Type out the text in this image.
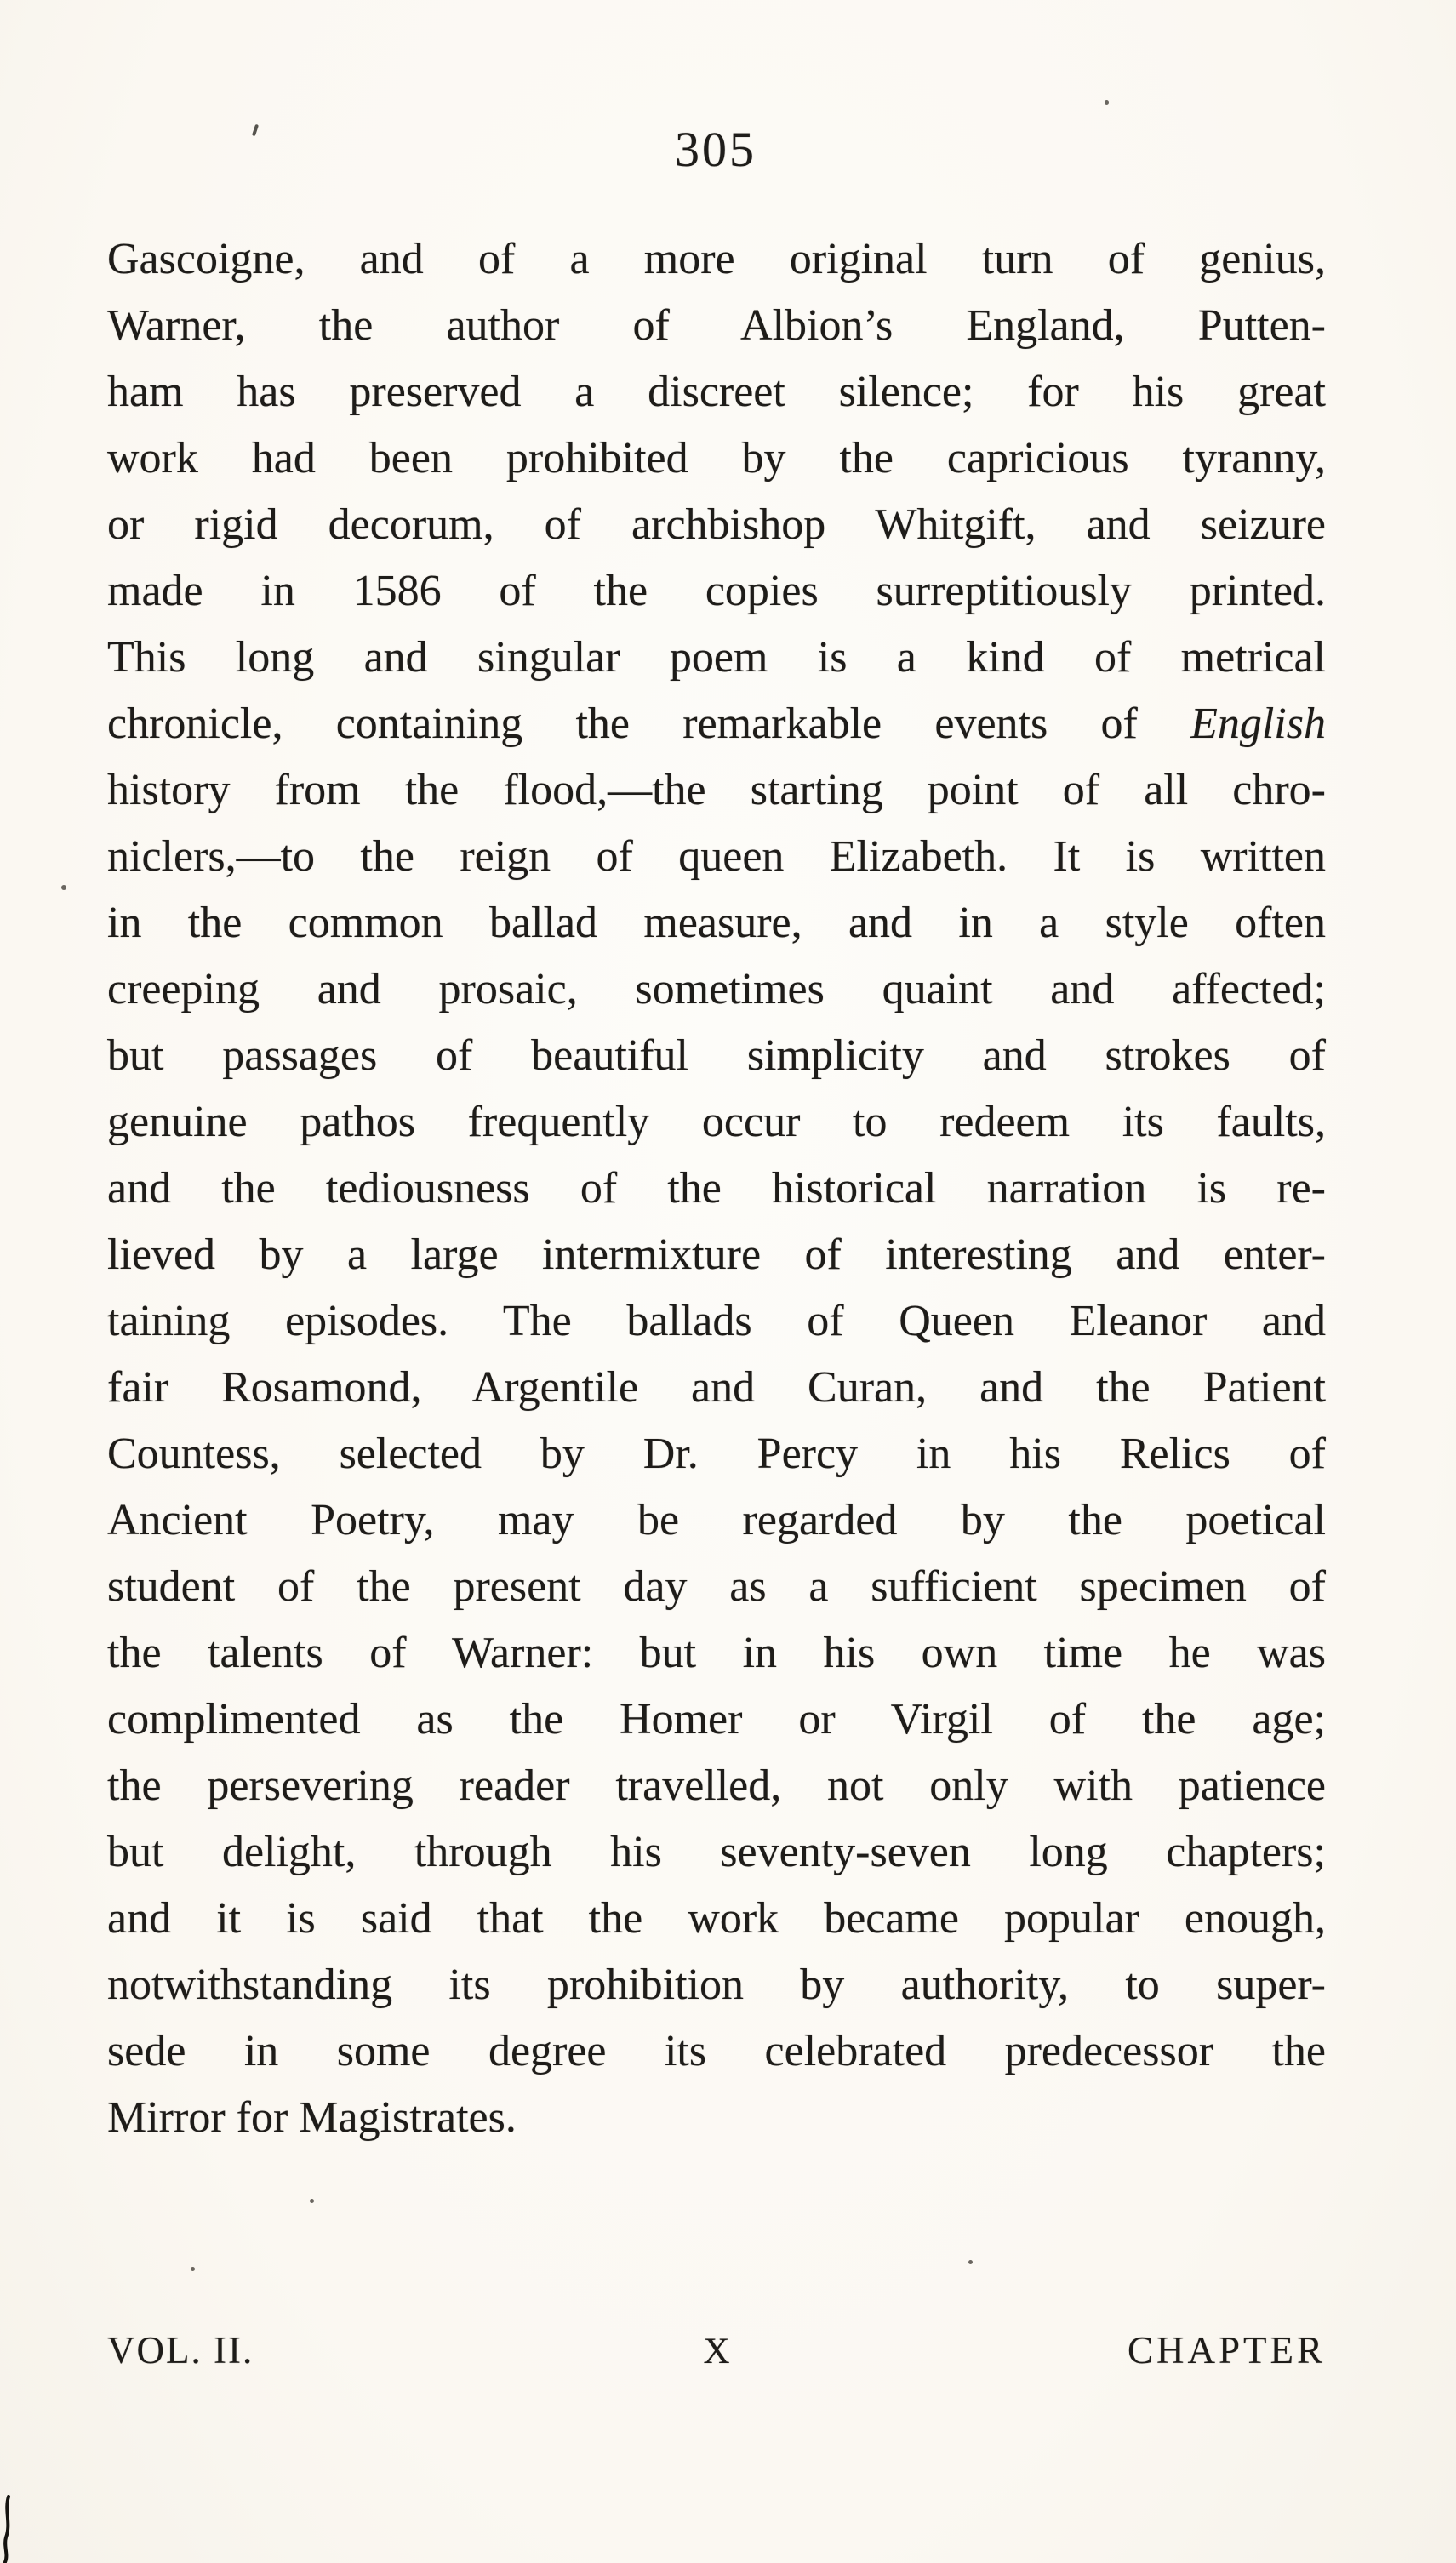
305
Gascoigne, and of a more original turn of genius,
Warner, the author of Albion’s England, Putten-
ham has preserved a discreet silence; for his great
work had been prohibited by the capricious tyranny,
or rigid decorum, of archbishop Whitgift, and seizure
made in 1586 of the copies surreptitiously printed.
This long and singular poem is a kind of metrical
chronicle, containing the remarkable events of English
history from the flood,—the starting point of all chro-
niclers,—to the reign of queen Elizabeth. It is written
in the common ballad measure, and in a style often
creeping and prosaic, sometimes quaint and affected;
but passages of beautiful simplicity and strokes of
genuine pathos frequently occur to redeem its faults,
and the tediousness of the historical narration is re-
lieved by a large intermixture of interesting and enter-
taining episodes. The ballads of Queen Eleanor and
fair Rosamond, Argentile and Curan, and the Patient
Countess, selected by Dr. Percy in his Relics of
Ancient Poetry, may be regarded by the poetical
student of the present day as a sufficient specimen of
the talents of Warner: but in his own time he was
complimented as the Homer or Virgil of the age;
the persevering reader travelled, not only with patience
but delight, through his seventy-seven long chapters;
and it is said that the work became popular enough,
notwithstanding its prohibition by authority, to super-
sede in some degree its celebrated predecessor the
Mirror for Magistrates.
VOL. II.	X	CHAPTER
